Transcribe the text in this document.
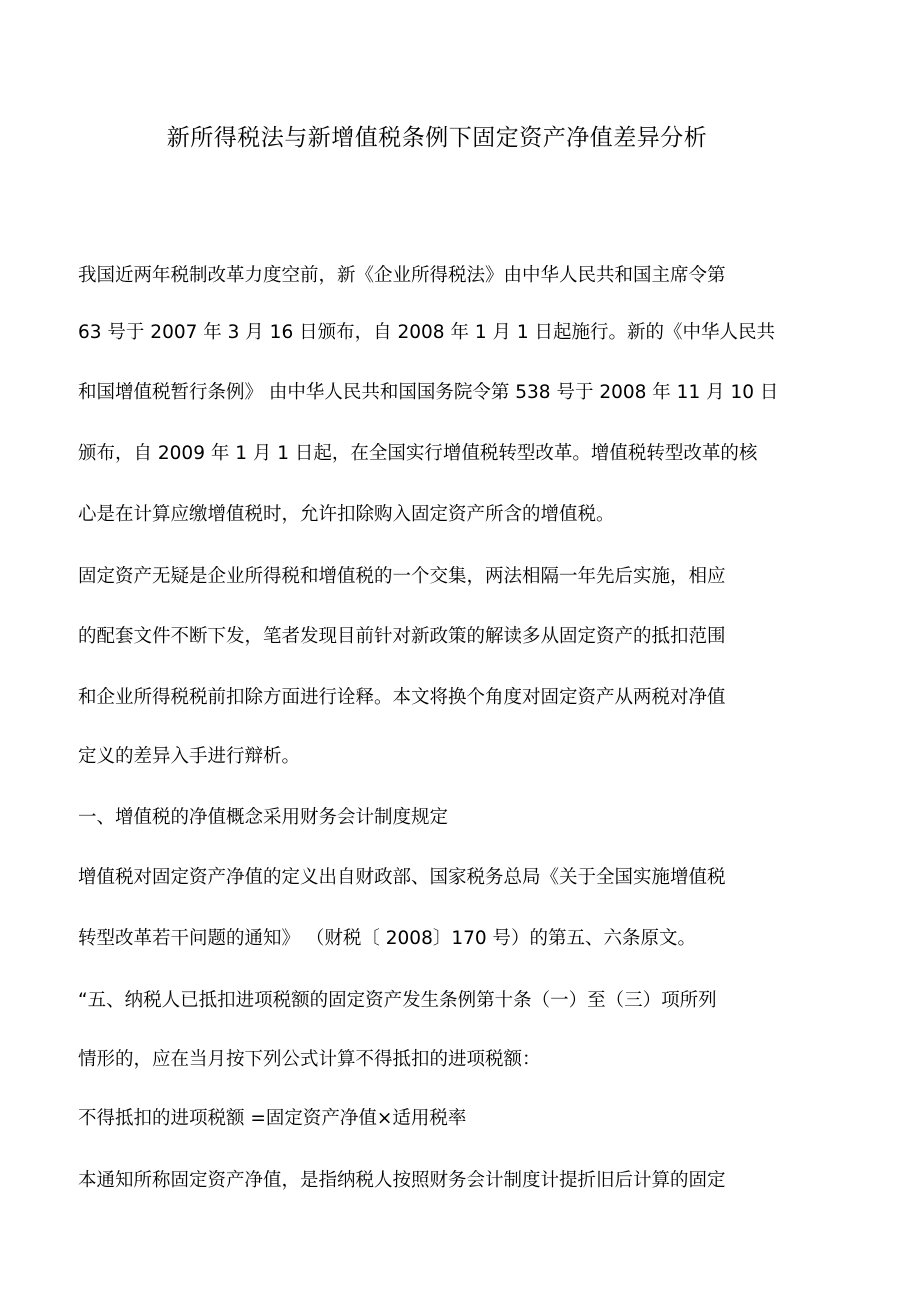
新所得税法与新增值税条例下固定资产净值差异分析
我国近两年税制改革力度空前，新《企业所得税法》由中华人民共和国主席令第
63 号于 2007 年 3 月 16 日颁布，自 2008 年 1 月 1 日起施行。新的《中华人民共
和国增值税暂行条例》 由中华人民共和国国务院令第 538 号于 2008 年 11 月 10 日
颁布，自 2009 年 1 月 1 日起，在全国实行增值税转型改革。增值税转型改革的核
心是在计算应缴增值税时，允许扣除购入固定资产所含的增值税。
固定资产无疑是企业所得税和增值税的一个交集，两法相隔一年先后实施，相应
的配套文件不断下发，笔者发现目前针对新政策的解读多从固定资产的抵扣范围
和企业所得税税前扣除方面进行诠释。本文将换个角度对固定资产从两税对净值
定义的差异入手进行辩析。
一、增值税的净值概念采用财务会计制度规定
增值税对固定资产净值的定义出自财政部、国家税务总局《关于全国实施增值税
转型改革若干问题的通知》 （财税〔 2008〕170 号）的第五、六条原文。
“五、纳税人已抵扣进项税额的固定资产发生条例第十条（一）至（三）项所列
情形的，应在当月按下列公式计算不得抵扣的进项税额：
不得抵扣的进项税额 =固定资产净值×适用税率
本通知所称固定资产净值，是指纳税人按照财务会计制度计提折旧后计算的固定
